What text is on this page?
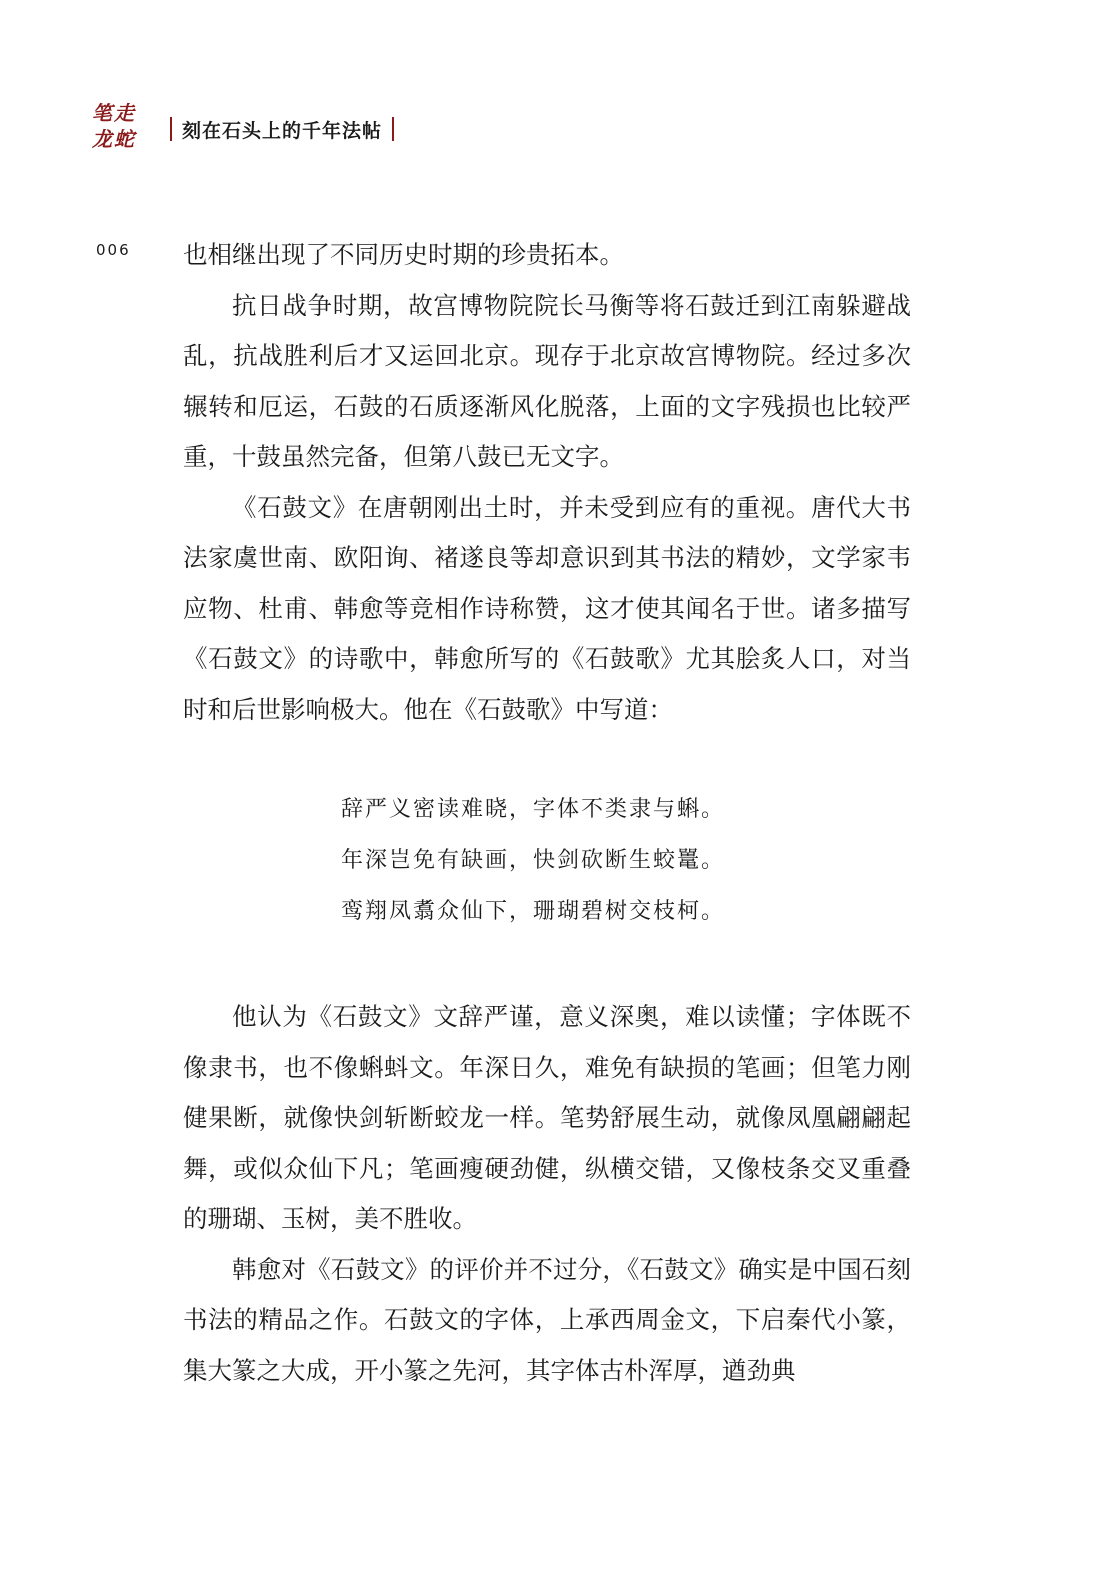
笔走
龙蛇	刻在石头上的千年法帖
006 也相继出现了不同历史时期的珍贵拓本。

抗日战争时期，故宫博物院院长马衡等将石鼓迁到江南躲避战乱，抗战胜利后才又运回北京。现存于北京故宫博物院。经过多次辗转和厄运，石鼓的石质逐渐风化脱落，上面的文字残损也比较严重，十鼓虽然完备，但第八鼓已无文字。

《石鼓文》在唐朝刚出土时，并未受到应有的重视。唐代大书法家虞世南、欧阳询、褚遂良等却意识到其书法的精妙，文学家韦应物、杜甫、韩愈等竞相作诗称赞，这才使其闻名于世。诸多描写《石鼓文》的诗歌中，韩愈所写的《石鼓歌》尤其脍炙人口，对当时和后世影响极大。他在《石鼓歌》中写道：

辞严义密读难晓，字体不类隶与蝌。
年深岂免有缺画，快剑砍断生蛟鼍。
鸾翔凤翥众仙下，珊瑚碧树交枝柯。

他认为《石鼓文》文辞严谨，意义深奥，难以读懂；字体既不像隶书，也不像蝌蚪文。年深日久，难免有缺损的笔画；但笔力刚健果断，就像快剑斩断蛟龙一样。笔势舒展生动，就像凤凰翩翩起舞，或似众仙下凡；笔画瘦硬劲健，纵横交错，又像枝条交叉重叠的珊瑚、玉树，美不胜收。

韩愈对《石鼓文》的评价并不过分，《石鼓文》确实是中国石刻书法的精品之作。石鼓文的字体，上承西周金文，下启秦代小篆，集大篆之大成，开小篆之先河，其字体古朴浑厚，遒劲典
